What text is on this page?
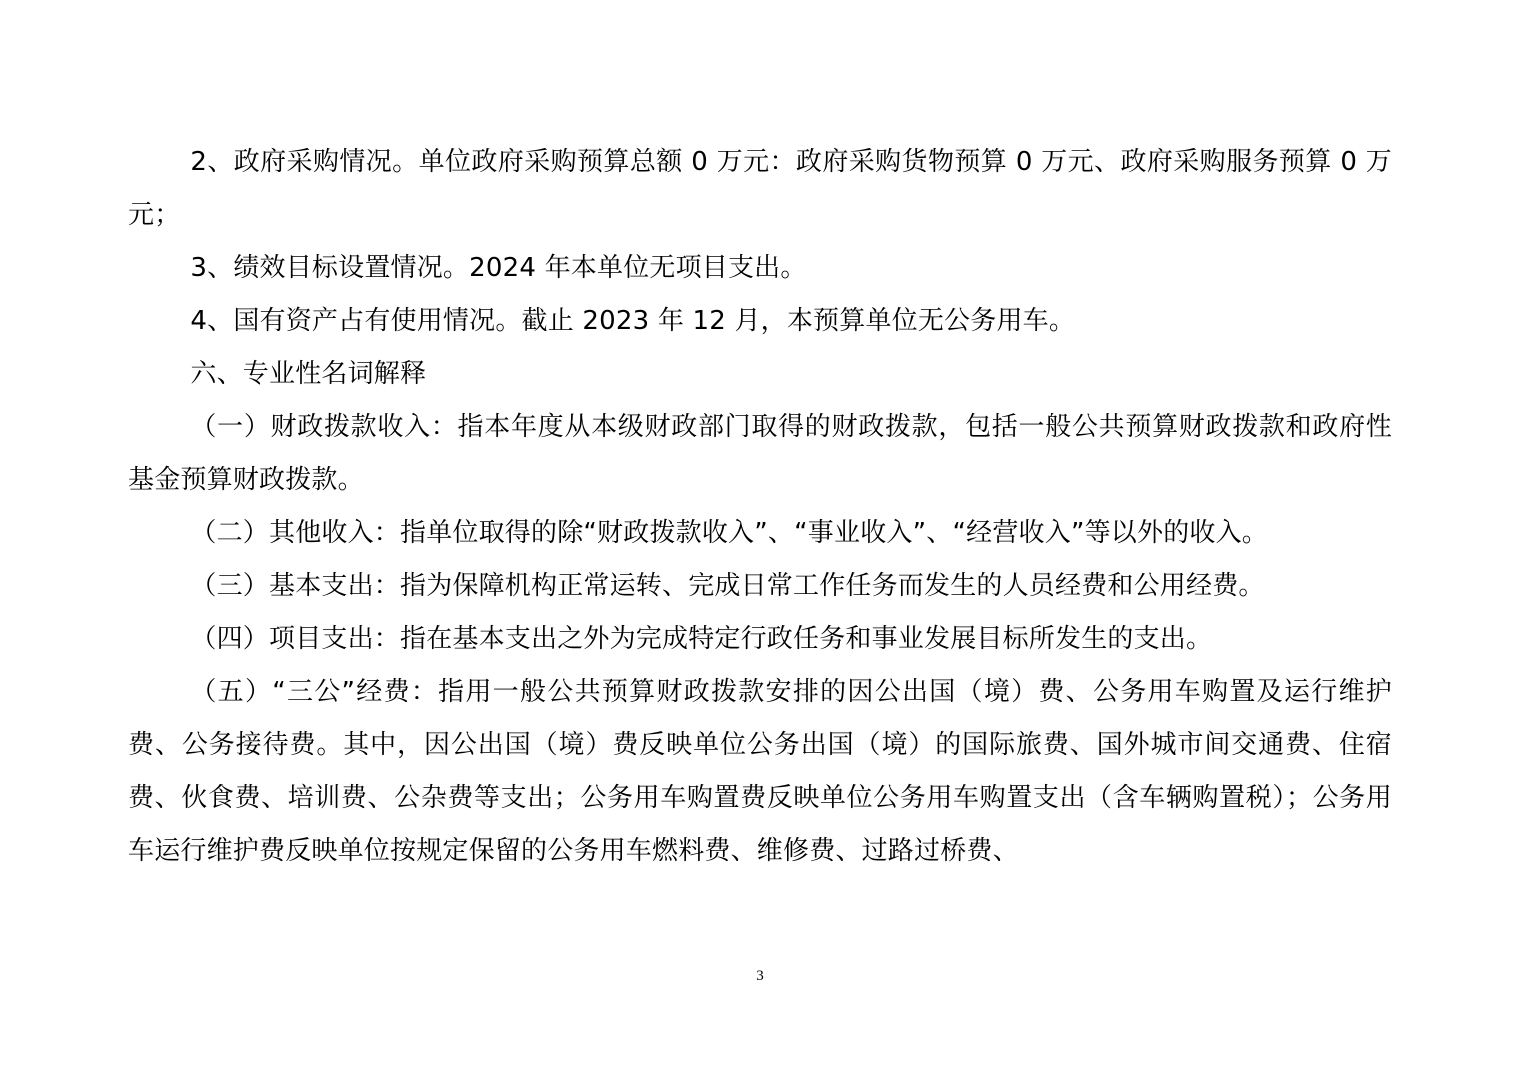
2、政府采购情况。单位政府采购预算总额 0 万元：政府采购货物预算 0 万元、政府采购服务预算 0 万元；

3、绩效目标设置情况。2024 年本单位无项目支出。

4、国有资产占有使用情况。截止 2023 年 12 月，本预算单位无公务用车。

六、专业性名词解释

（一）财政拨款收入：指本年度从本级财政部门取得的财政拨款，包括一般公共预算财政拨款和政府性基金预算财政拨款。

（二）其他收入：指单位取得的除“财政拨款收入”、“事业收入”、“经营收入”等以外的收入。

（三）基本支出：指为保障机构正常运转、完成日常工作任务而发生的人员经费和公用经费。

（四）项目支出：指在基本支出之外为完成特定行政任务和事业发展目标所发生的支出。

（五）“三公”经费：指用一般公共预算财政拨款安排的因公出国（境）费、公务用车购置及运行维护费、公务接待费。其中，因公出国（境）费反映单位公务出国（境）的国际旅费、国外城市间交通费、住宿费、伙食费、培训费、公杂费等支出；公务用车购置费反映单位公务用车购置支出（含车辆购置税）；公务用车运行维护费反映单位按规定保留的公务用车燃料费、维修费、过路过桥费、

3
